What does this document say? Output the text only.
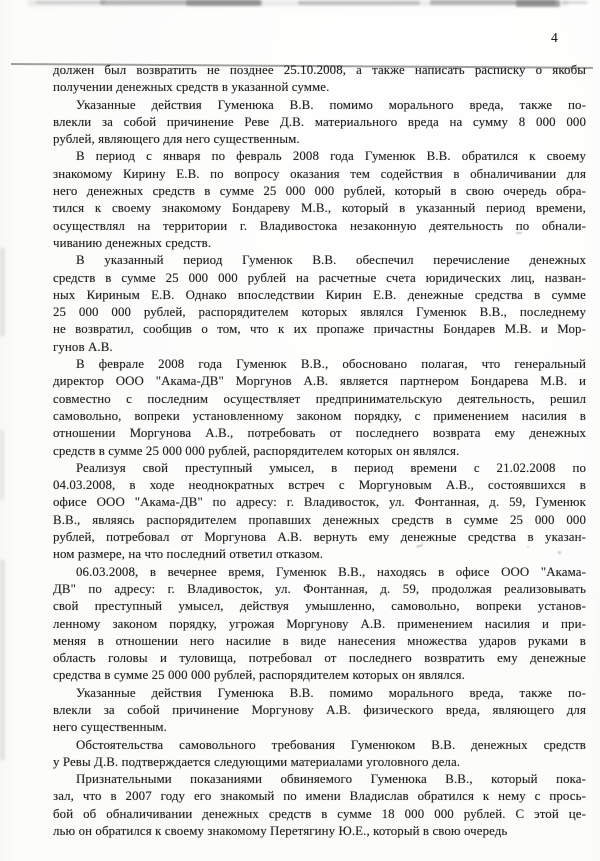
4
должен был возвратить не позднее 25.10.2008, а также написать расписку о якобы
получении денежных средств в указанной сумме.
Указанные действия Гуменюка В.В. помимо морального вреда, также по-
влекли за собой причинение Реве Д.В. материального вреда на сумму 8 000 000
рублей, являющего для него существенным.
В период с января по февраль 2008 года Гуменюк В.В. обратился к своему
знакомому Кирину Е.В. по вопросу оказания тем содействия в обналичивании для
него денежных средств в сумме 25 000 000 рублей, который в свою очередь обра-
тился к своему знакомому Бондареву М.В., который в указанный период времени,
осуществлял на территории г. Владивостока незаконную деятельность по обнали-
чиванию денежных средств.
В указанный период Гуменюк В.В. обеспечил перечисление денежных
средств в сумме 25 000 000 рублей на расчетные счета юридических лиц, назван-
ных Кириным Е.В. Однако впоследствии Кирин Е.В. денежные средства в сумме
25 000 000 рублей, распорядителем которых являлся Гуменюк В.В., последнему
не возвратил, сообщив о том, что к их пропаже причастны Бондарев М.В. и Мор-
гунов А.В.
В феврале 2008 года Гуменюк В.В., обосновано полагая, что генеральный
директор ООО "Акама-ДВ" Моргунов А.В. является партнером Бондарева М.В. и
совместно с последним осуществляет предпринимательскую деятельность, решил
самовольно, вопреки установленному законом порядку, с применением насилия в
отношении Моргунова А.В., потребовать от последнего возврата ему денежных
средств в сумме 25 000 000 рублей, распорядителем которых он являлся.
Реализуя свой преступный умысел, в период времени с 21.02.2008 по
04.03.2008, в ходе неоднократных встреч с Моргуновым А.В., состоявшихся в
офисе ООО "Акама-ДВ" по адресу: г. Владивосток, ул. Фонтанная, д. 59, Гуменюк
В.В., являясь распорядителем пропавших денежных средств в сумме 25 000 000
рублей, потребовал от Моргунова А.В. вернуть ему денежные средства в указан-
ном размере, на что последний ответил отказом.
06.03.2008, в вечернее время, Гуменюк В.В., находясь в офисе ООО "Акама-
ДВ" по адресу: г. Владивосток, ул. Фонтанная, д. 59, продолжая реализовывать
свой преступный умысел, действуя умышленно, самовольно, вопреки установ-
ленному законом порядку, угрожая Моргунову А.В. применением насилия и при-
меняя в отношении него насилие в виде нанесения множества ударов руками в
область головы и туловища, потребовал от последнего возвратить ему денежные
средства в сумме 25 000 000 рублей, распорядителем которых он являлся.
Указанные действия Гуменюка В.В. помимо морального вреда, также по-
влекли за собой причинение Моргунову А.В. физического вреда, являющего для
него существенным.
Обстоятельства самовольного требования Гуменюком В.В. денежных средств
у Ревы Д.В. подтверждается следующими материалами уголовного дела.
Признательными показаниями обвиняемого Гуменюка В.В., который пока-
зал, что в 2007 году его знакомый по имени Владислав обратился к нему с прось-
бой об обналичивании денежных средств в сумме 18 000 000 рублей. С этой це-
лью он обратился к своему знакомому Перетягину Ю.Е., который в свою очередь
